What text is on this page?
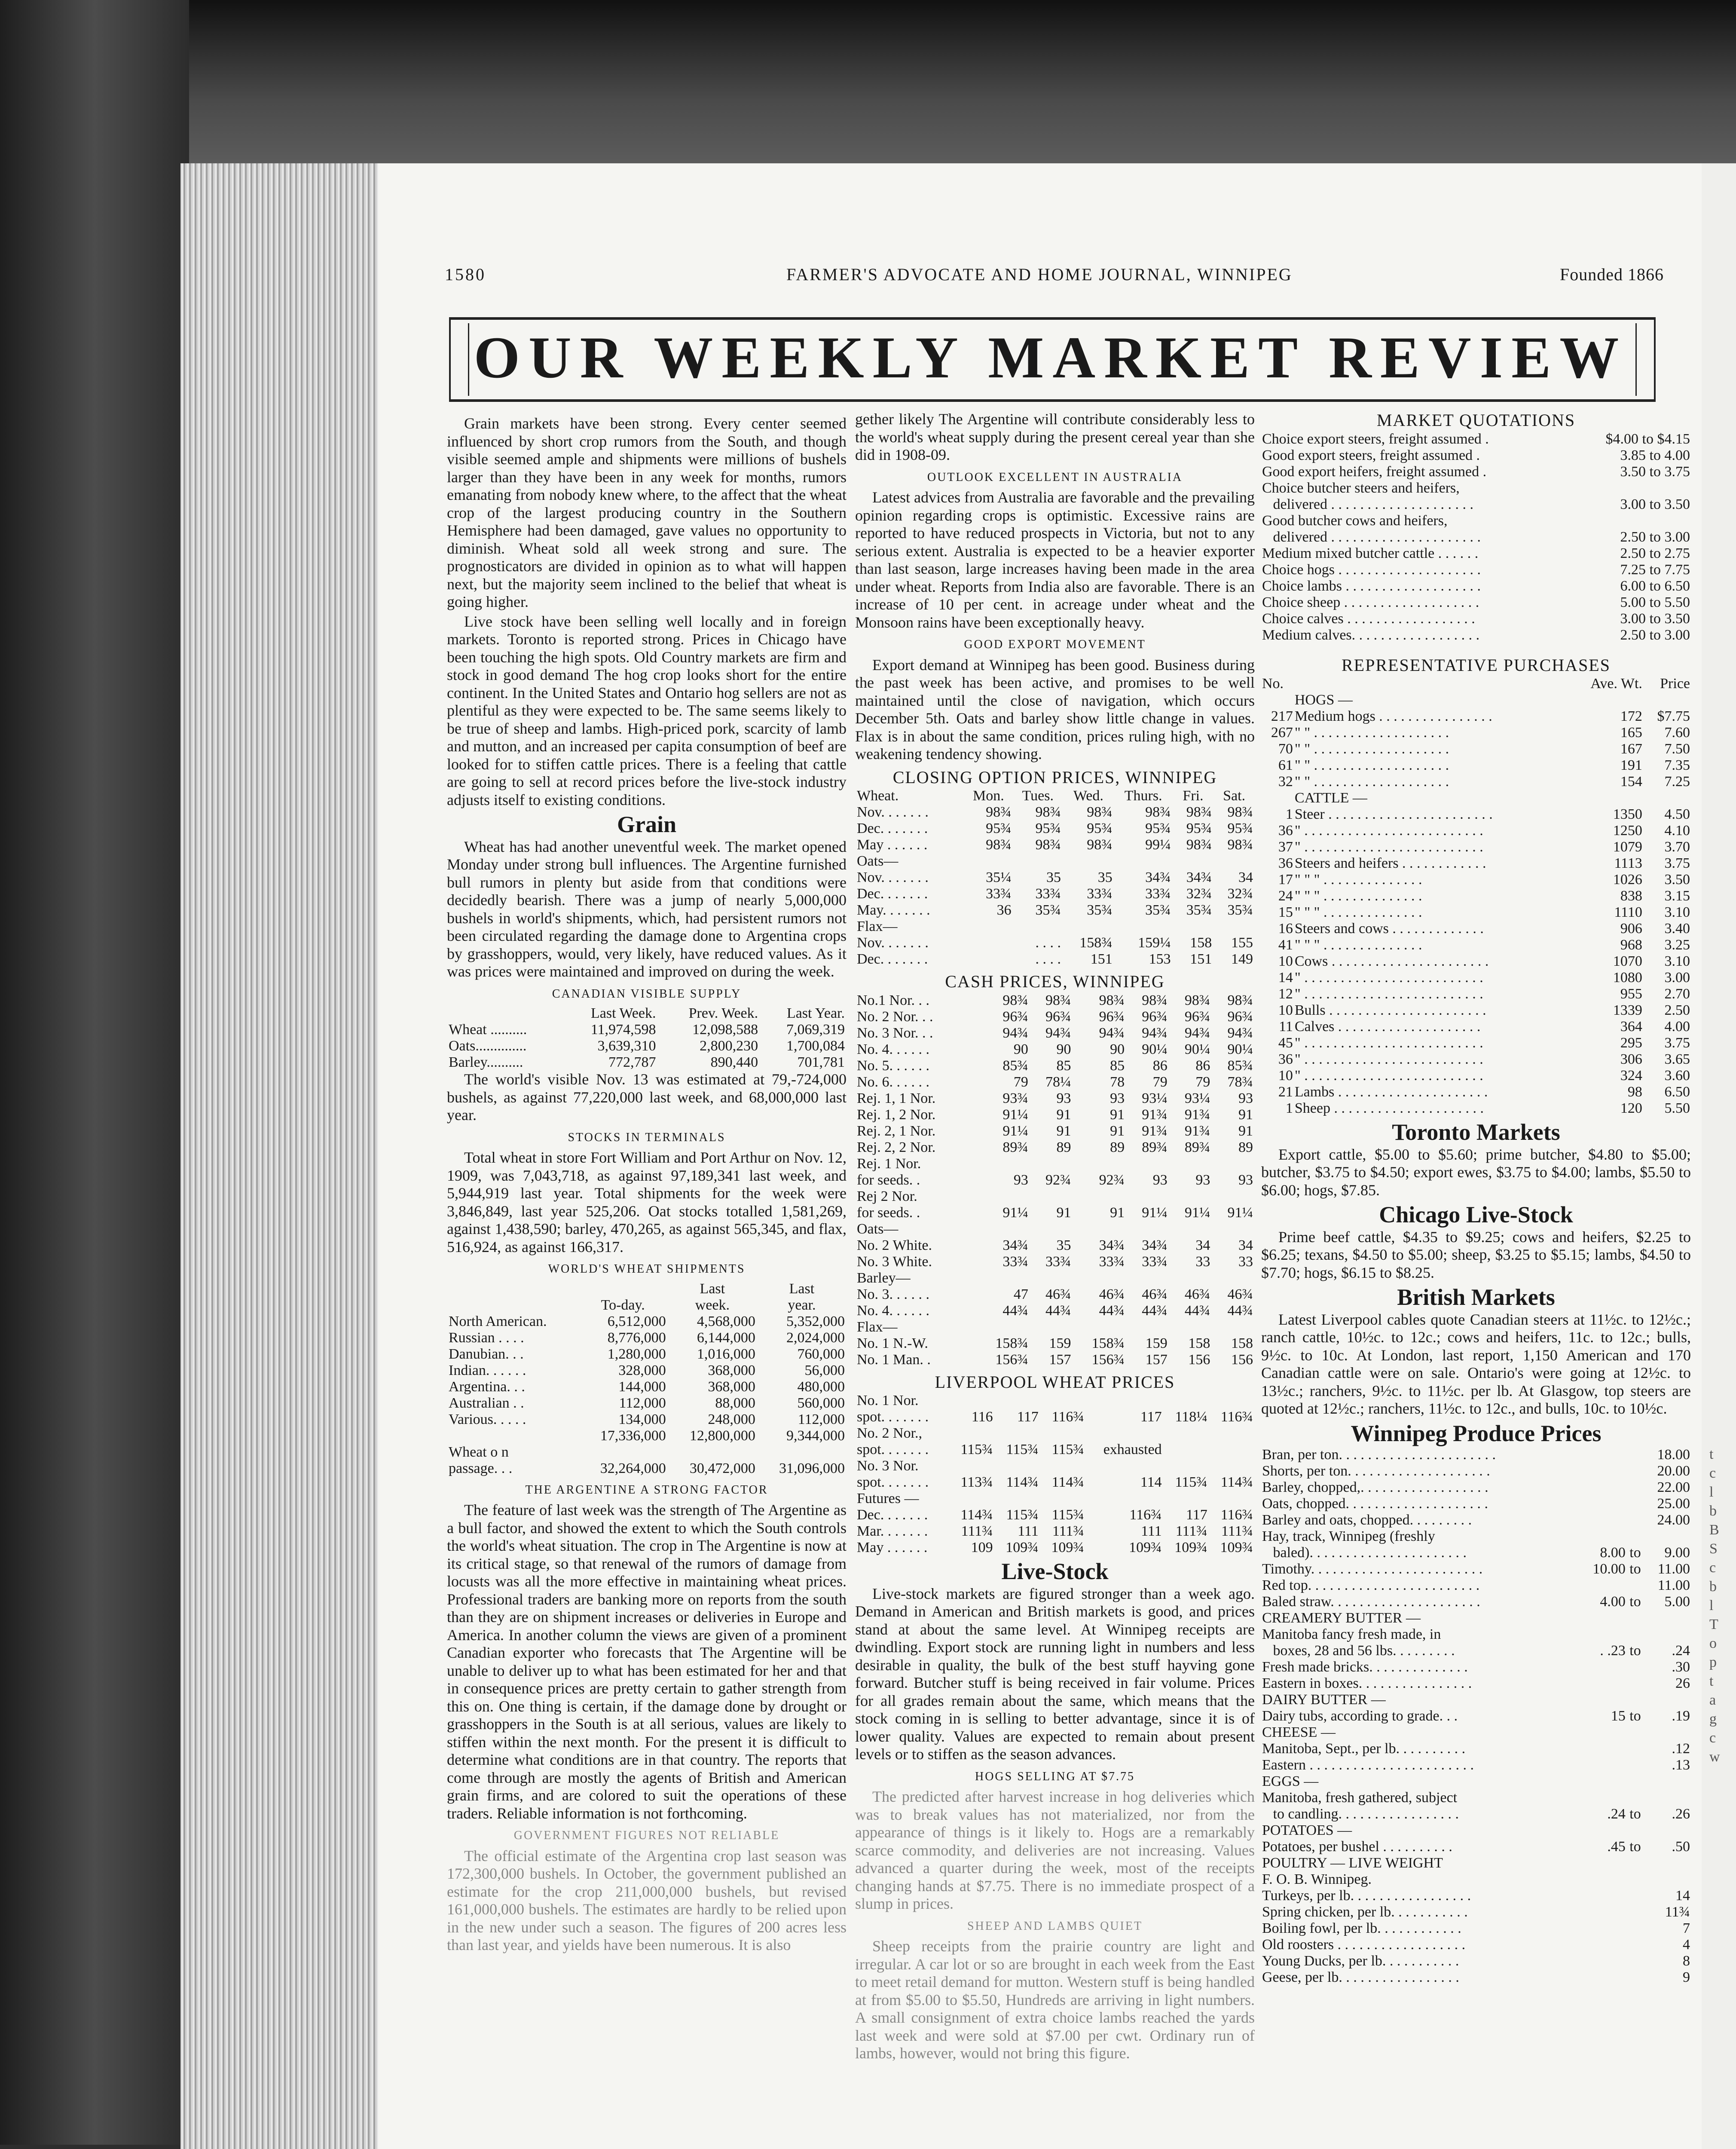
t
c
l
b
B
S
c
b
l
T
o
p
t
a
g
c
w
1580	FARMER'S ADVOCATE AND HOME JOURNAL, WINNIPEG	Founded 1866
OUR WEEKLY MARKET REVIEW

Grain markets have been strong. Every center seemed influenced by short crop rumors from the South, and though visible seemed ample and shipments were millions of bushels larger than they have been in any week for months, rumors emanating from nobody knew where, to the affect that the wheat crop of the largest producing country in the Southern Hemisphere had been damaged, gave values no opportunity to diminish. Wheat sold all week strong and sure. The prognosticators are divided in opinion as to what will happen next, but the majority seem inclined to the belief that wheat is going higher.

Live stock have been selling well locally and in foreign markets. Toronto is reported strong. Prices in Chicago have been touching the high spots. Old Country markets are firm and stock in good demand The hog crop looks short for the entire continent. In the United States and Ontario hog sellers are not as plentiful as they were expected to be. The same seems likely to be true of sheep and lambs. High-priced pork, scarcity of lamb and mutton, and an increased per capita consumption of beef are looked for to stiffen cattle prices. There is a feeling that cattle are going to sell at record prices before the live-stock industry adjusts itself to existing conditions.

Grain

Wheat has had another uneventful week. The market opened Monday under strong bull influences. The Argentine furnished bull rumors in plenty but aside from that conditions were decidedly bearish. There was a jump of nearly 5,000,000 bushels in world's shipments, which, had persistent rumors not been circulated regarding the damage done to Argentina crops by grasshoppers, would, very likely, have reduced values. As it was prices were maintained and improved on during the week.

CANADIAN VISIBLE SUPPLY
	Last Week.	Prev. Week.	Last Year.
Wheat ..........	11,974,598	12,098,588	7,069,319
Oats..............	3,639,310	2,800,230	1,700,084
Barley..........	772,787	890,440	701,781

The world's visible Nov. 13 was estimated at 79,-724,000 bushels, as against 77,220,000 last week, and 68,000,000 last year.

STOCKS IN TERMINALS

Total wheat in store Fort William and Port Arthur on Nov. 12, 1909, was 7,043,718, as against 97,189,341 last week, and 5,944,919 last year. Total shipments for the week were 3,846,849, last year 525,206. Oat stocks totalled 1,581,269, against 1,438,590; barley, 470,265, as against 565,345, and flax, 516,924, as against 166,317.

WORLD'S WHEAT SHIPMENTS
		Last	Last
	To-day.	week.	year.
North American.	6,512,000	4,568,000	5,352,000
Russian . . . .	8,776,000	6,144,000	2,024,000
Danubian. . .	1,280,000	1,016,000	760,000
Indian. . . . . .	328,000	368,000	56,000
Argentina. . .	144,000	368,000	480,000
Australian . .	112,000	88,000	560,000
Various. . . . .	134,000	248,000	112,000
	17,336,000	12,800,000	9,344,000
Wheat o n			
passage. . .	32,264,000	30,472,000	31,096,000
THE ARGENTINE A STRONG FACTOR

The feature of last week was the strength of The Argentine as a bull factor, and showed the extent to which the South controls the world's wheat situation. The crop in The Argentine is now at its critical stage, so that renewal of the rumors of damage from locusts was all the more effective in maintaining wheat prices. Professional traders are banking more on reports from the south than they are on shipment increases or deliveries in Europe and America. In another column the views are given of a prominent Canadian exporter who forecasts that The Argentine will be unable to deliver up to what has been estimated for her and that in consequence prices are pretty certain to gather strength from this on. One thing is certain, if the damage done by drought or grasshoppers in the South is at all serious, values are likely to stiffen within the next month. For the present it is difficult to determine what conditions are in that country. The reports that come through are mostly the agents of British and American grain firms, and are colored to suit the operations of these traders. Reliable information is not forthcoming.

GOVERNMENT FIGURES NOT RELIABLE

The official estimate of the Argentina crop last season was 172,300,000 bushels. In October, the government published an estimate for the crop 211,000,000 bushels, but revised 161,000,000 bushels. The estimates are hardly to be relied upon in the new under such a season. The figures of 200 acres less than last year, and yields have been numerous. It is also

gether likely The Argentine will contribute considerably less to the world's wheat supply during the present cereal year than she did in 1908-09.

OUTLOOK EXCELLENT IN AUSTRALIA

Latest advices from Australia are favorable and the prevailing opinion regarding crops is optimistic. Excessive rains are reported to have reduced prospects in Victoria, but not to any serious extent. Australia is expected to be a heavier exporter than last season, large increases having been made in the area under wheat. Reports from India also are favorable. There is an increase of 10 per cent. in acreage under wheat and the Monsoon rains have been exceptionally heavy.

GOOD EXPORT MOVEMENT

Export demand at Winnipeg has been good. Business during the past week has been active, and promises to be well maintained until the close of navigation, which occurs December 5th. Oats and barley show little change in values. Flax is in about the same condition, prices ruling high, with no weakening tendency showing.

CLOSING OPTION PRICES, WINNIPEG
Wheat.	Mon.	Tues.	Wed.	Thurs.	Fri.	Sat.
Nov. . . . . . .	98¾	98¾	98¾	98¾	98¾	98¾
Dec. . . . . . .	95¾	95¾	95¾	95¾	95¾	95¾
May . . . . . .	98¾	98¾	98¾	99¼	98¾	98¾
Oats—						
Nov. . . . . . .	35¼	35	35	34¾	34¾	34
Dec. . . . . . .	33¾	33¾	33¾	33¾	32¾	32¾
May. . . . . . .	36	35¾	35¾	35¾	35¾	35¾
Flax—						
Nov. . . . . . .		. . . .	158¾	159¼	158	155
Dec. . . . . . .		. . . .	151	153	151	149
CASH PRICES, WINNIPEG
No.1 Nor. . .	98¾	98¾	98¾	98¾	98¾	98¾
No. 2 Nor. . .	96¾	96¾	96¾	96¾	96¾	96¾
No. 3 Nor. . .	94¾	94¾	94¾	94¾	94¾	94¾
No. 4. . . . . .	90	90	90	90¼	90¼	90¼
No. 5. . . . . .	85¾	85	85	86	86	85¾
No. 6. . . . . .	79	78¼	78	79	79	78¾
Rej. 1, 1 Nor.	93¾	93	93	93¼	93¼	93
Rej. 1, 2 Nor.	91¼	91	91	91¾	91¾	91
Rej. 2, 1 Nor.	91¼	91	91	91¾	91¾	91
Rej. 2, 2 Nor.	89¾	89	89	89¾	89¾	89
Rej. 1 Nor.						
for seeds. .	93	92¾	92¾	93	93	93
Rej 2 Nor.						
for seeds. .	91¼	91	91	91¼	91¼	91¼
Oats—						
No. 2 White.	34¾	35	34¾	34¾	34	34
No. 3 White.	33¾	33¾	33¾	33¾	33	33
Barley—						
No. 3. . . . . .	47	46¾	46¾	46¾	46¾	46¾
No. 4. . . . . .	44¾	44¾	44¾	44¾	44¾	44¾
Flax—						
No. 1 N.-W.	158¾	159	158¾	159	158	158
No. 1 Man. .	156¾	157	156¾	157	156	156
LIVERPOOL WHEAT PRICES
No. 1 Nor.						
spot. . . . . . .	116	117	116¾	117	118¼	116¾
No. 2 Nor.,						
spot. . . . . . .	115¾	115¾	115¾	exhausted		
No. 3 Nor.						
spot. . . . . . .	113¾	114¾	114¾	114	115¾	114¾
Futures —						
Dec. . . . . . .	114¾	115¾	115¾	116¾	117	116¾
Mar. . . . . . .	111¾	111	111¾	111	111¾	111¾
May . . . . . .	109	109¾	109¾	109¾	109¾	109¾
Live-Stock

Live-stock markets are figured stronger than a week ago. Demand in American and British markets is good, and prices stand at about the same level. At Winnipeg receipts are dwindling. Export stock are running light in numbers and less desirable in quality, the bulk of the best stuff hayving gone forward. Butcher stuff is being received in fair volume. Prices for all grades remain about the same, which means that the stock coming in is selling to better advantage, since it is of lower quality. Values are expected to remain about present levels or to stiffen as the season advances.

HOGS SELLING AT $7.75

The predicted after harvest increase in hog deliveries which was to break values has not materialized, nor from the appearance of things is it likely to. Hogs are a remarkably scarce commodity, and deliveries are not increasing. Values advanced a quarter during the week, most of the receipts changing hands at $7.75. There is no immediate prospect of a slump in prices.

SHEEP AND LAMBS QUIET

Sheep receipts from the prairie country are light and irregular. A car lot or so are brought in each week from the East to meet retail demand for mutton. Western stuff is being handled at from $5.00 to $5.50, Hundreds are arriving in light numbers. A small consignment of extra choice lambs reached the yards last week and were sold at $7.00 per cwt. Ordinary run of lambs, however, would not bring this figure.

MARKET QUOTATIONS
Choice export steers, freight assumed .	$4.00 to $4.15
Good export steers, freight assumed .	3.85 to 4.00
Good export heifers, freight assumed .	3.50 to 3.75
Choice butcher steers and heifers,	
delivered . . . . . . . . . . . . . . . . . . . .	3.00 to 3.50
Good butcher cows and heifers,	
delivered . . . . . . . . . . . . . . . . . . . . .	2.50 to 3.00
Medium mixed butcher cattle . . . . . .	2.50 to 2.75
Choice hogs . . . . . . . . . . . . . . . . . . . .	7.25 to 7.75
Choice lambs . . . . . . . . . . . . . . . . . . .	6.00 to 6.50
Choice sheep . . . . . . . . . . . . . . . . . . .	5.00 to 5.50
Choice calves . . . . . . . . . . . . . . . . . .	3.00 to 3.50
Medium calves. . . . . . . . . . . . . . . . . .	2.50 to 3.00
REPRESENTATIVE PURCHASES
No.		Ave. Wt.	Price
	HOGS —		
217	Medium hogs . . . . . . . . . . . . . . . .	172	$7.75
267	" " . . . . . . . . . . . . . . . . . . .	165	7.60
70	" " . . . . . . . . . . . . . . . . . . .	167	7.50
61	" " . . . . . . . . . . . . . . . . . . .	191	7.35
32	" " . . . . . . . . . . . . . . . . . . .	154	7.25
	CATTLE —		
1	Steer . . . . . . . . . . . . . . . . . . . . . . .	1350	4.50
36	" . . . . . . . . . . . . . . . . . . . . . . . . .	1250	4.10
37	" . . . . . . . . . . . . . . . . . . . . . . . . .	1079	3.70
36	Steers and heifers . . . . . . . . . . . .	1113	3.75
17	" " " . . . . . . . . . . . . . .	1026	3.50
24	" " " . . . . . . . . . . . . . .	838	3.15
15	" " " . . . . . . . . . . . . . .	1110	3.10
16	Steers and cows . . . . . . . . . . . . .	906	3.40
41	" " " . . . . . . . . . . . . . .	968	3.25
10	Cows . . . . . . . . . . . . . . . . . . . . . .	1070	3.10
14	" . . . . . . . . . . . . . . . . . . . . . . . . .	1080	3.00
12	" . . . . . . . . . . . . . . . . . . . . . . . . .	955	2.70
10	Bulls . . . . . . . . . . . . . . . . . . . . . .	1339	2.50
11	Calves . . . . . . . . . . . . . . . . . . . .	364	4.00
45	" . . . . . . . . . . . . . . . . . . . . . . . . .	295	3.75
36	" . . . . . . . . . . . . . . . . . . . . . . . . .	306	3.65
10	" . . . . . . . . . . . . . . . . . . . . . . . . .	324	3.60
21	Lambs . . . . . . . . . . . . . . . . . . . . .	98	6.50
1	Sheep . . . . . . . . . . . . . . . . . . . . .	120	5.50
Toronto Markets

Export cattle, $5.00 to $5.60; prime butcher, $4.80 to $5.00; butcher, $3.75 to $4.50; export ewes, $3.75 to $4.00; lambs, $5.50 to $6.00; hogs, $7.85.

Chicago Live-Stock

Prime beef cattle, $4.35 to $9.25; cows and heifers, $2.25 to $6.25; texans, $4.50 to $5.00; sheep, $3.25 to $5.15; lambs, $4.50 to $7.70; hogs, $6.15 to $8.25.

British Markets

Latest Liverpool cables quote Canadian steers at 11½c. to 12½c.; ranch cattle, 10½c. to 12c.; cows and heifers, 11c. to 12c.; bulls, 9½c. to 10c. At London, last report, 1,150 American and 170 Canadian cattle were on sale. Ontario's were going at 12½c. to 13½c.; ranchers, 9½c. to 11½c. per lb. At Glasgow, top steers are quoted at 12½c.; ranchers, 11½c. to 12c., and bulls, 10c. to 10½c.

Winnipeg Produce Prices
Bran, per ton. . . . . . . . . . . . . . . . . . . . . .			18.00
Shorts, per ton. . . . . . . . . . . . . . . . . . . .			20.00
Barley, chopped,. . . . . . . . . . . . . . . . . .			22.00
Oats, chopped. . . . . . . . . . . . . . . . . . . .			25.00
Barley and oats, chopped. . . . . . . . .			24.00
Hay, track, Winnipeg (freshly			
baled). . . . . . . . . . . . . . . . . . . . . .	8.00	to	9.00
Timothy. . . . . . . . . . . . . . . . . . . . . . . .	10.00	to	11.00
Red top. . . . . . . . . . . . . . . . . . . . . . . .			11.00
Baled straw. . . . . . . . . . . . . . . . . . . . .	4.00	to	5.00
CREAMERY BUTTER —			
Manitoba fancy fresh made, in			
boxes, 28 and 56 lbs. . . . . . . . .	. .23	to	.24
Fresh made bricks. . . . . . . . . . . . . .			.30
Eastern in boxes. . . . . . . . . . . . . . . .			26
DAIRY BUTTER —			
Dairy tubs, according to grade. . .	15	to	.19
CHEESE —			
Manitoba, Sept., per lb. . . . . . . . . .			.12
Eastern . . . . . . . . . . . . . . . . . . . . . . .			.13
EGGS —			
Manitoba, fresh gathered, subject			
to candling. . . . . . . . . . . . . . . . .	.24	to	.26
POTATOES —			
Potatoes, per bushel . . . . . . . . . .	.45	to	.50
POULTRY — LIVE WEIGHT			
F. O. B. Winnipeg.			
Turkeys, per lb. . . . . . . . . . . . . . . . .			14
Spring chicken, per lb. . . . . . . . . . .			11¾
Boiling fowl, per lb. . . . . . . . . . . .			7
Old roosters . . . . . . . . . . . . . . . . . .			4
Young Ducks, per lb. . . . . . . . . . .			8
Geese, per lb. . . . . . . . . . . . . . . . .			9
